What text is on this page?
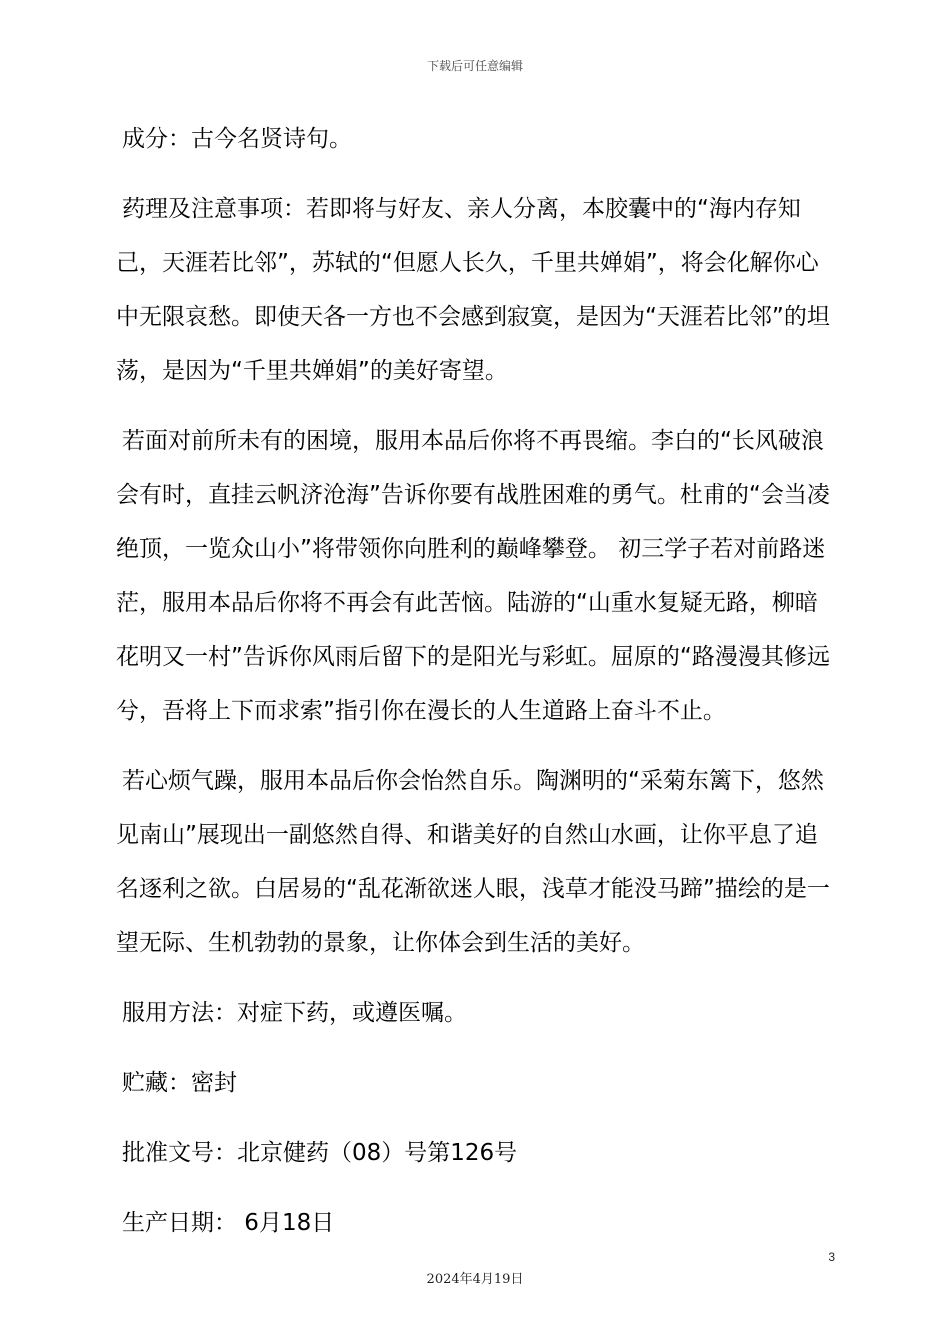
下载后可任意编辑

成分：古今名贤诗句。

药理及注意事项：若即将与好友、亲人分离，本胶囊中的“海内存知己，天涯若比邻”，苏轼的“但愿人长久，千里共婵娟”，将会化解你心中无限哀愁。即使天各一方也不会感到寂寞，是因为“天涯若比邻”的坦荡，是因为“千里共婵娟”的美好寄望。

若面对前所未有的困境，服用本品后你将不再畏缩。李白的“长风破浪会有时，直挂云帆济沧海”告诉你要有战胜困难的勇气。杜甫的“会当凌绝顶，一览众山小”将带领你向胜利的巅峰攀登。 初三学子若对前路迷茫，服用本品后你将不再会有此苦恼。陆游的“山重水复疑无路，柳暗花明又一村”告诉你风雨后留下的是阳光与彩虹。屈原的“路漫漫其修远兮，吾将上下而求索”指引你在漫长的人生道路上奋斗不止。

若心烦气躁，服用本品后你会怡然自乐。陶渊明的“采菊东篱下，悠然见南山”展现出一副悠然自得、和谐美好的自然山水画，让你平息了追名逐利之欲。白居易的“乱花渐欲迷人眼，浅草才能没马蹄”描绘的是一望无际、生机勃勃的景象，让你体会到生活的美好。

服用方法：对症下药，或遵医嘱。

贮藏：密封

批准文号：北京健药（08）号第126号

生产日期： 6月18日

3
2024年4月19日
